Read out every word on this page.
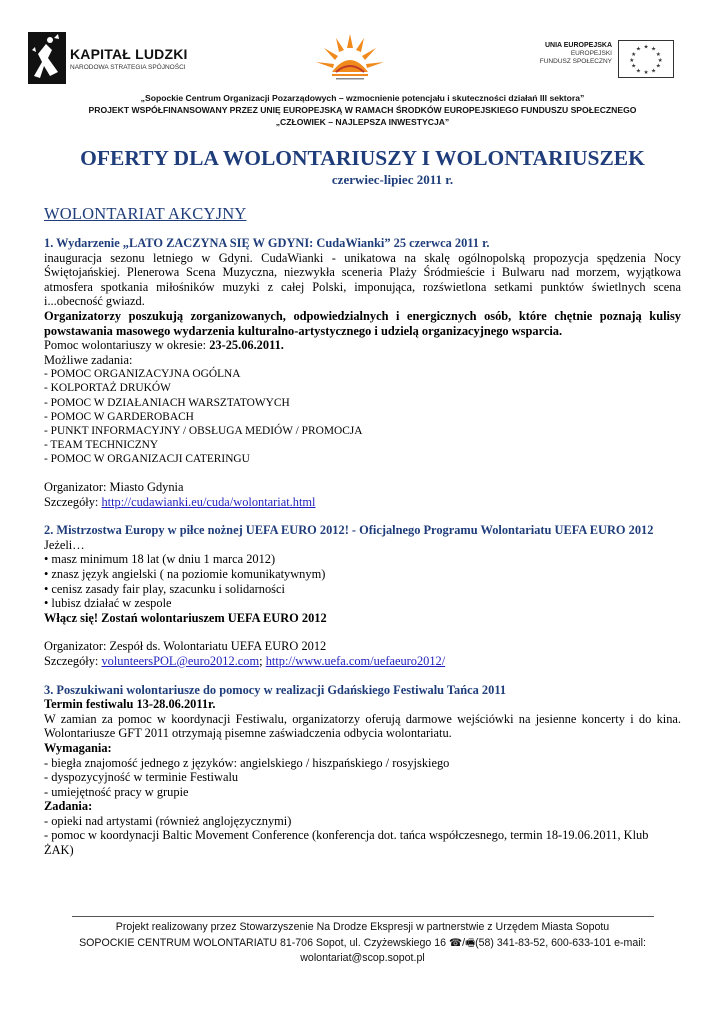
KAPITAŁ LUDZKI
NARODOWA STRATEGIA SPÓJNOŚCI
UNIA EUROPEJSKA
EUROPEJSKI
FUNDUSZ SPOŁECZNY
★ ★
★
★
★
★
★
★
★
★
★
★
„Sopockie Centrum Organizacji Pozarządowych – wzmocnienie potencjału i skuteczności działań III sektora”
PROJEKT WSPÓŁFINANSOWANY PRZEZ UNIĘ EUROPEJSKĄ W RAMACH ŚRODKÓW EUROPEJSKIEGO FUNDUSZU SPOŁECZNEGO
„CZŁOWIEK – NAJLEPSZA INWESTYCJA”
OFERTY DLA WOLONTARIUSZY I WOLONTARIUSZEK
czerwiec-lipiec 2011 r.
WOLONTARIAT AKCYJNY

1. Wydarzenie „LATO ZACZYNA SIĘ W GDYNI: CudaWianki” 25 czerwca 2011 r.

inauguracja sezonu letniego w Gdyni. CudaWianki - unikatowa na skalę ogólnopolską propozycja spędzenia Nocy Świętojańskiej. Plenerowa Scena Muzyczna, niezwykła sceneria Plaży Śródmieście i Bulwaru nad morzem, wyjątkowa atmosfera spotkania miłośników muzyki z całej Polski, imponująca, rozświetlona setkami punktów świetlnych scena i...obecność gwiazd.

Organizatorzy poszukują zorganizowanych, odpowiedzialnych i energicznych osób, które chętnie poznają kulisy powstawania masowego wydarzenia kulturalno-artystycznego i udzielą organizacyjnego wsparcia.

Pomoc wolontariuszy w okresie: 23-25.06.2011.

Możliwe zadania:

- POMOC ORGANIZACYJNA OGÓLNA

- KOLPORTAŻ DRUKÓW

- POMOC W DZIAŁANIACH WARSZTATOWYCH

- POMOC W GARDEROBACH

- PUNKT INFORMACYJNY / OBSŁUGA MEDIÓW / PROMOCJA

- TEAM TECHNICZNY

- POMOC W ORGANIZACJI CATERINGU

Organizator: Miasto Gdynia

Szczegóły: http://cudawianki.eu/cuda/wolontariat.html

2. Mistrzostwa Europy w piłce nożnej UEFA EURO 2012! - Oficjalnego Programu Wolontariatu UEFA EURO 2012

Jeżeli…

• masz minimum 18 lat (w dniu 1 marca 2012)

• znasz język angielski ( na poziomie komunikatywnym)

• cenisz zasady fair play, szacunku i solidarności

• lubisz działać w zespole

Włącz się! Zostań wolontariuszem UEFA EURO 2012

Organizator: Zespół ds. Wolontariatu UEFA EURO 2012

Szczegóły: volunteersPOL@euro2012.com; http://www.uefa.com/uefaeuro2012/

3. Poszukiwani wolontariusze do pomocy w realizacji Gdańskiego Festiwalu Tańca 2011

Termin festiwalu 13-28.06.2011r.

W zamian za pomoc w koordynacji Festiwalu, organizatorzy oferują darmowe wejściówki na jesienne koncerty i do kina. Wolontariusze GFT 2011 otrzymają pisemne zaświadczenia odbycia wolontariatu.

Wymagania:

- biegła znajomość jednego z języków: angielskiego / hiszpańskiego / rosyjskiego

- dyspozycyjność w terminie Festiwalu

- umiejętność pracy w grupie

Zadania:

- opieki nad artystami (również anglojęzycznymi)

- pomoc w koordynacji Baltic Movement Conference (konferencja dot. tańca współczesnego, termin 18-19.06.2011, Klub ŻAK)

Projekt realizowany przez Stowarzyszenie Na Drodze Ekspresji w partnerstwie z Urzędem Miasta Sopotu
SOPOCKIE CENTRUM WOLONTARIATU 81-706 Sopot, ul. Czyżewskiego 16 ☎/🖷(58) 341-83-52, 600-633-101 e-mail:
wolontariat@scop.sopot.pl
